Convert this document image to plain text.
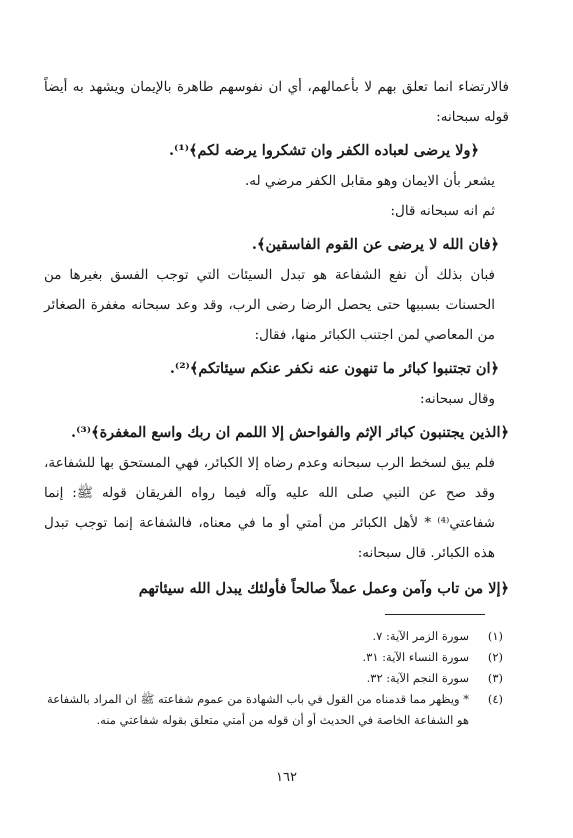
فالارتضاء انما تعلق بهم لا بأعمالهم، أي ان نفوسهم طاهرة بالإيمان ويشهد به أيضاً قوله سبحانه:

﴿ولا يرضى لعباده الكفر وان تشكروا يرضه لكم﴾⁽¹⁾.

يشعر بأن الايمان وهو مقابل الكفر مرضي له.

ثم انه سبحانه قال:

﴿فان الله لا يرضى عن القوم الفاسقين﴾.

فبان بذلك أن نفع الشفاعة هو تبدل السيئات التي توجب الفسق بغيرها من الحسنات بسببها حتى يحصل الرضا رضى الرب، وقد وعد سبحانه مغفرة الصغائر من المعاصي لمن اجتنب الكبائر منها، فقال:

﴿ان تجتنبوا كبائر ما تنهون عنه نكفر عنكم سيئاتكم﴾⁽²⁾.

وقال سبحانه:

﴿الذين يجتنبون كبائر الإثم والفواحش إلا اللمم ان ربك واسع المغفرة﴾⁽³⁾.

فلم يبق لسخط الرب سبحانه وعدم رضاه إلا الكبائر، فهي المستحق بها للشفاعة، وقد صح عن النبي صلى الله عليه وآله فيما رواه الفريقان قوله ﷺ: إنما شفاعتي⁽⁴⁾ * لأهل الكبائر من أمتي أو ما في معناه، فالشفاعة إنما توجب تبدل هذه الكبائر. قال سبحانه:

﴿إلا من تاب وآمن وعمل عملاً صالحاً فأولئك يبدل الله سيئاتهم

(١)
سورة الزمر الآية: ٧.
(٢)
سورة النساء الآية: ٣١.
(٣)
سورة النجم الآية: ٣٢.
(٤)
* ويظهر مما قدمناه من القول في باب الشهادة من عموم شفاعته ﷺ ان المراد بالشفاعة هو الشفاعة الخاصة في الحديث أو أن قوله من أمتي متعلق بقوله شفاعتي منه.
١٦٢
